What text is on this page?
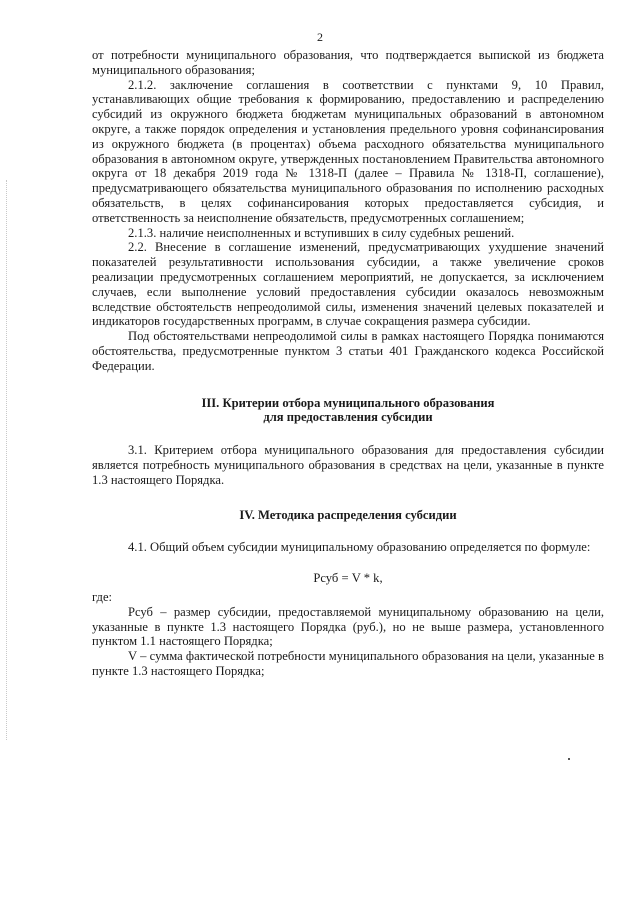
2

от потребности муниципального образования, что подтверждается выпиской из бюджета муниципального образования;

2.1.2. заключение соглашения в соответствии с пунктами 9, 10 Правил, устанавливающих общие требования к формированию, предоставлению и распределению субсидий из окружного бюджета бюджетам муниципальных образований в автономном округе, а также порядок определения и установления предельного уровня софинансирования из окружного бюджета (в процентах) объема расходного обязательства муниципального образования в автономном округе, утвержденных постановлением Правительства автономного округа от 18 декабря 2019 года № 1318-П (далее – Правила № 1318-П, соглашение), предусматривающего обязательства муниципального образования по исполнению расходных обязательств, в целях софинансирования которых предоставляется субсидия, и ответственность за неисполнение обязательств, предусмотренных соглашением;

2.1.3. наличие неисполненных и вступивших в силу судебных решений.

2.2. Внесение в соглашение изменений, предусматривающих ухудшение значений показателей результативности использования субсидии, а также увеличение сроков реализации предусмотренных соглашением мероприятий, не допускается, за исключением случаев, если выполнение условий предоставления субсидии оказалось невозможным вследствие обстоятельств непреодолимой силы, изменения значений целевых показателей и индикаторов государственных программ, в случае сокращения размера субсидии.

Под обстоятельствами непреодолимой силы в рамках настоящего Порядка понимаются обстоятельства, предусмотренные пунктом 3 статьи 401 Гражданского кодекса Российской Федерации.

III. Критерии отбора муниципального образования
для предоставления субсидии

3.1. Критерием отбора муниципального образования для предоставления субсидии является потребность муниципального образования в средствах на цели, указанные в пункте 1.3 настоящего Порядка.

IV. Методика распределения субсидии

4.1. Общий объем субсидии муниципальному образованию определяется по формуле:

Рсуб = V * k,

где:

Рсуб – размер субсидии, предоставляемой муниципальному образованию на цели, указанные в пункте 1.3 настоящего Порядка (руб.), но не выше размера, установленного пунктом 1.1 настоящего Порядка;

V – сумма фактической потребности муниципального образования на цели, указанные в пункте 1.3 настоящего Порядка;
